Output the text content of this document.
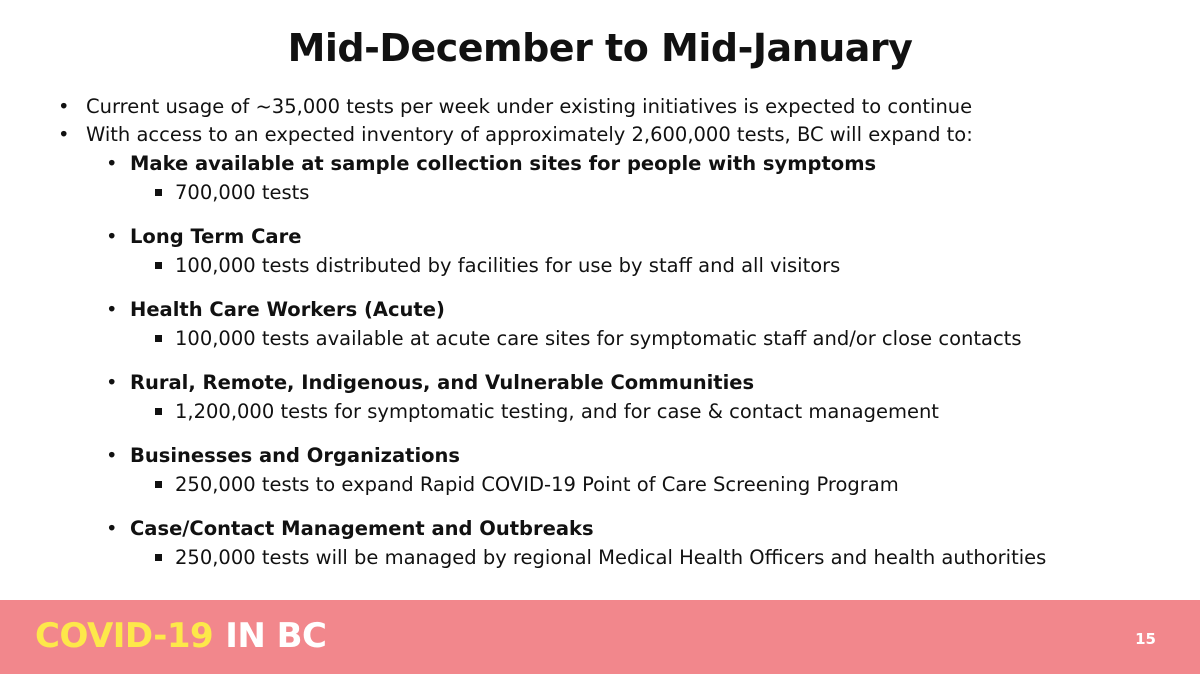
Mid-December to Mid-January
• Current usage of ~35,000 tests per week under existing initiatives is expected to continue
• With access to an expected inventory of approximately 2,600,000 tests, BC will expand to:
• Make available at sample collection sites for people with symptoms
700,000 tests
• Long Term Care
100,000 tests distributed by facilities for use by staff and all visitors
• Health Care Workers (Acute)
100,000 tests available at acute care sites for symptomatic staff and/or close contacts
• Rural, Remote, Indigenous, and Vulnerable Communities
1,200,000 tests for symptomatic testing, and for case & contact management
• Businesses and Organizations
250,000 tests to expand Rapid COVID-19 Point of Care Screening Program
• Case/Contact Management and Outbreaks
250,000 tests will be managed by regional Medical Health Officers and health authorities
COVID-19 IN BC	15
